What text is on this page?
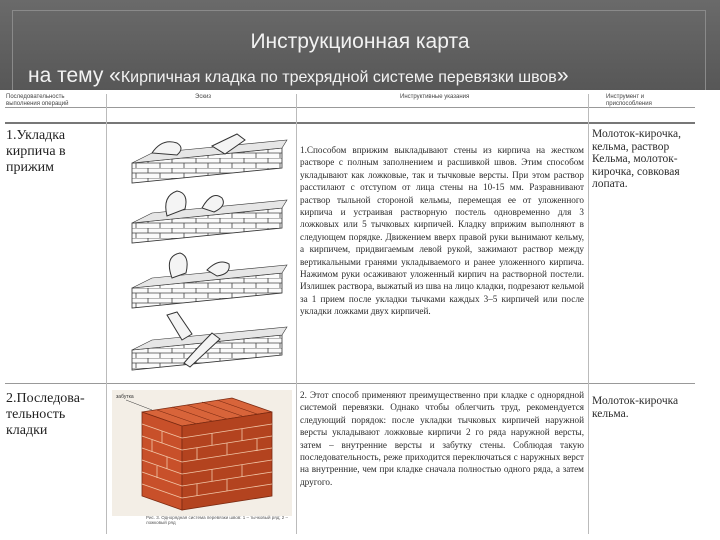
Инструкционная карта
на тему «Кирпичная кладка по трехрядной системе перевязки швов»
Последовательность выполнения операций
Эскиз	Инструктивные указания	Инструмент и приспособления
1.Укладка кирпича в прижим
1.Способом вприжим выкладывают стены из кирпича на жестком растворе с полным заполнением и расшивкой швов. Этим способом укладывают как ложковые, так и тычковые версты. При этом раствор расстилают с отступом от лица стены на 10-15 мм. Разравнивают раствор тыльной стороной кельмы, перемещая ее от уложенного кирпича и устраивая растворную постель одновременно для 3 ложковых или 5 тычковых кирпичей. Кладку вприжим выполняют в следующем порядке. Движением вверх правой руки вынимают кельму, а кирпичем, придвигаемым левой рукой, зажимают раствор между вертикальными гранями укладываемого и ранее уложенного кирпича. Нажимом руки осаживают уложенный кирпич на растворной постели. Излишек раствора, выжатый из шва на лицо кладки, подрезают кельмой за 1 прием после укладки тычками каждых 3–5 кирпичей или после укладки ложками двух кирпичей.
Молоток-кирочка, кельма, раствор Кельма, молоток-кирочка, совковая лопата.
2.Последова-
тельность
кладки
забутка
Рис. 3. Однорядная система перевязки швов: 1 – тычковый ряд; 2 – ложковый ряд
2. Этот способ применяют преимущественно при кладке с однорядной системой перевязки. Однако чтобы облегчить труд, рекомендуется следующий порядок: после укладки тычковых кирпичей наружной версты укладывают ложковые кирпичи 2 го ряда наружной версты, затем – внутренние версты и забутку стены. Соблюдая такую последовательность, реже приходится переключаться с наружных верст на внутренние, чем при кладке сначала полностью одного ряда, а затем другого.
Молоток-кирочка кельма.
